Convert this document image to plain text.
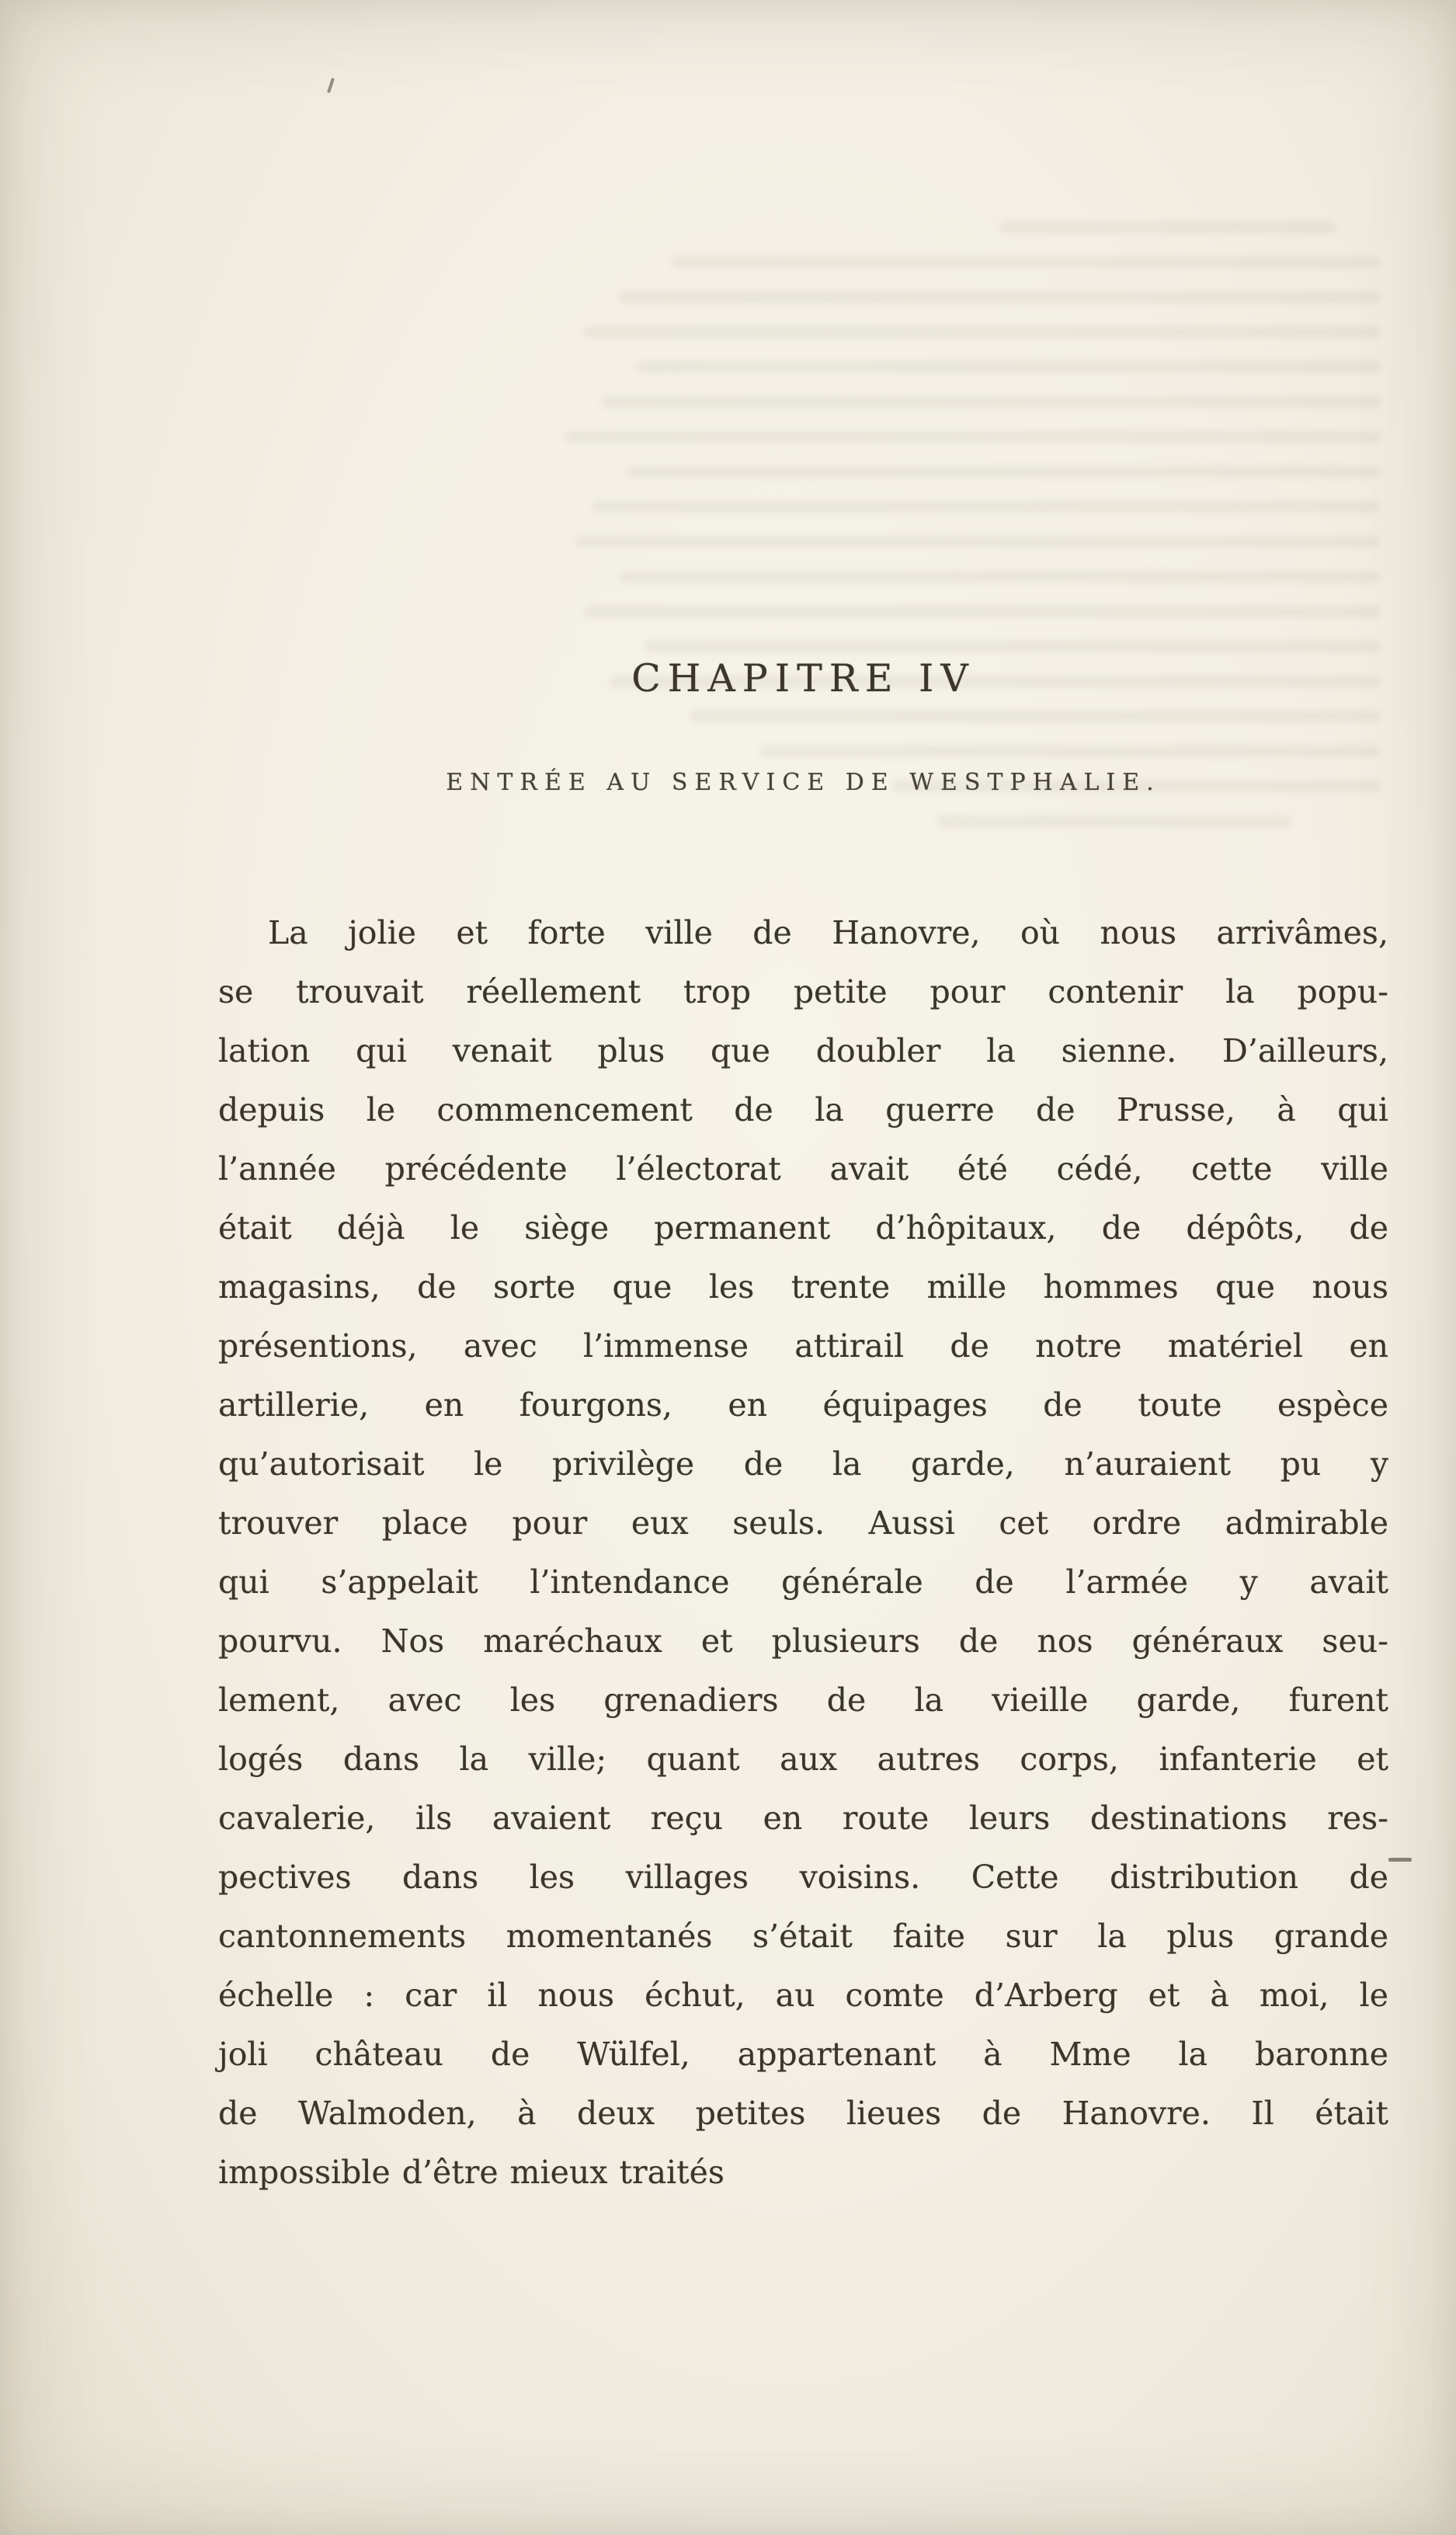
CHAPITRE IV
ENTRÉE AU SERVICE DE WESTPHALIE.
La jolie et forte ville de Hanovre, où nous arrivâmes,
se trouvait réellement trop petite pour contenir la popu-
lation qui venait plus que doubler la sienne. D’ailleurs,
depuis le commencement de la guerre de Prusse, à qui
l’année précédente l’électorat avait été cédé, cette ville
était déjà le siège permanent d’hôpitaux, de dépôts, de
magasins, de sorte que les trente mille hommes que nous
présentions, avec l’immense attirail de notre matériel en
artillerie, en fourgons, en équipages de toute espèce
qu’autorisait le privilège de la garde, n’auraient pu y
trouver place pour eux seuls. Aussi cet ordre admirable
qui s’appelait l’intendance générale de l’armée y avait
pourvu. Nos maréchaux et plusieurs de nos généraux seu-
lement, avec les grenadiers de la vieille garde, furent
logés dans la ville; quant aux autres corps, infanterie et
cavalerie, ils avaient reçu en route leurs destinations res-
pectives dans les villages voisins. Cette distribution de
cantonnements momentanés s’était faite sur la plus grande
échelle : car il nous échut, au comte d’Arberg et à moi, le
joli château de Wülfel, appartenant à Mme la baronne
de Walmoden, à deux petites lieues de Hanovre. Il était
impossible d’être mieux traités
